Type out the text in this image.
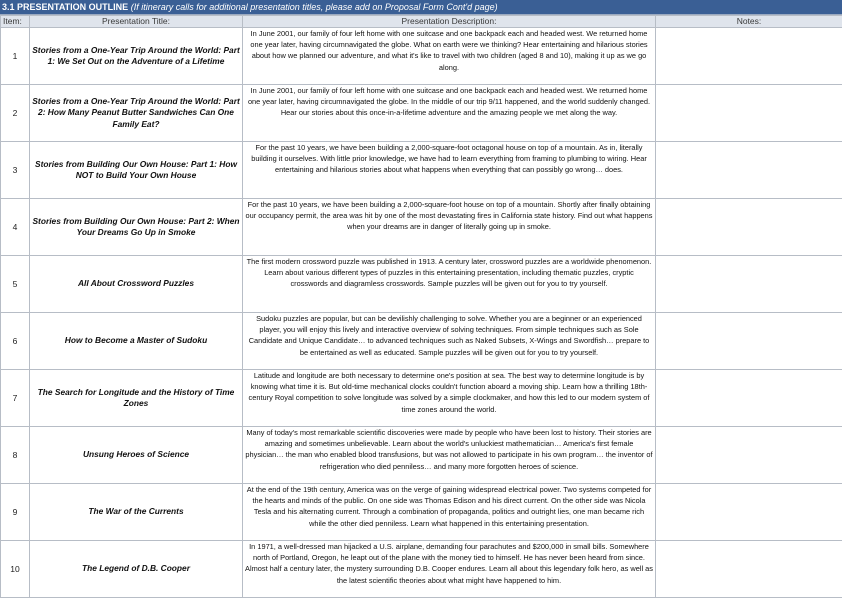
3.1 PRESENTATION OUTLINE (If itinerary calls for additional presentation titles, please add on Proposal Form Cont'd page)
Item:	Presentation Title:	Presentation Description:	Notes:
1	Stories from a One-Year Trip Around the World: Part 1: We Set Out on the Adventure of a Lifetime	In June 2001, our family of four left home with one suitcase and one backpack each and headed west. We returned home one year later, having circumnavigated the globe. What on earth were we thinking? Hear entertaining and hilarious stories about how we planned our adventure, and what it's like to travel with two children (aged 8 and 10), making it up as we go along.	

2	Stories from a One-Year Trip Around the World: Part 2: How Many Peanut Butter Sandwiches Can One Family Eat?	In June 2001, our family of four left home with one suitcase and one backpack each and headed west. We returned home one year later, having circumnavigated the globe. In the middle of our trip 9/11 happened, and the world suddenly changed. Hear our stories about this once-in-a-lifetime adventure and the amazing people we met along the way.	

3	Stories from Building Our Own House: Part 1: How NOT to Build Your Own House	For the past 10 years, we have been building a 2,000-square-foot octagonal house on top of a mountain. As in, literally building it ourselves. With little prior knowledge, we have had to learn everything from framing to plumbing to wiring. Hear entertaining and hilarious stories about what happens when everything that can possibly go wrong… does.	

4	Stories from Building Our Own House: Part 2: When Your Dreams Go Up in Smoke	For the past 10 years, we have been building a 2,000-square-foot house on top of a mountain. Shortly after finally obtaining our occupancy permit, the area was hit by one of the most devastating fires in California state history. Find out what happens when your dreams are in danger of literally going up in smoke.	

5	All About Crossword Puzzles	The first modern crossword puzzle was published in 1913. A century later, crossword puzzles are a worldwide phenomenon. Learn about various different types of puzzles in this entertaining presentation, including thematic puzzles, cryptic crosswords and diagramless crosswords. Sample puzzles will be given out for you to try yourself.	

6	How to Become a Master of Sudoku	Sudoku puzzles are popular, but can be devilishly challenging to solve. Whether you are a beginner or an experienced player, you will enjoy this lively and interactive overview of solving techniques. From simple techniques such as Sole Candidate and Unique Candidate… to advanced techniques such as Naked Subsets, X-Wings and Swordfish… prepare to be entertained as well as educated. Sample puzzles will be given out for you to try yourself.	

7	The Search for Longitude and the History of Time Zones	Latitude and longitude are both necessary to determine one's position at sea. The best way to determine longitude is by knowing what time it is. But old-time mechanical clocks couldn't function aboard a moving ship. Learn how a thrilling 18th-century Royal competition to solve longitude was solved by a simple clockmaker, and how this led to our modern system of time zones around the world.	

8	Unsung Heroes of Science	Many of today's most remarkable scientific discoveries were made by people who have been lost to history. Their stories are amazing and sometimes unbelievable. Learn about the world's unluckiest mathematician… America's first female physician… the man who enabled blood transfusions, but was not allowed to participate in his own program… the inventor of refrigeration who died penniless… and many more forgotten heroes of science.	

9	The War of the Currents	At the end of the 19th century, America was on the verge of gaining widespread electrical power. Two systems competed for the hearts and minds of the public. On one side was Thomas Edison and his direct current. On the other side was Nicola Tesla and his alternating current. Through a combination of propaganda, politics and outright lies, one man became rich while the other died penniless. Learn what happened in this entertaining presentation.	

10	The Legend of D.B. Cooper	In 1971, a well-dressed man hijacked a U.S. airplane, demanding four parachutes and $200,000 in small bills. Somewhere north of Portland, Oregon, he leapt out of the plane with the money tied to himself. He has never been heard from since. Almost half a century later, the mystery surrounding D.B. Cooper endures. Learn all about this legendary folk hero, as well as the latest scientific theories about what might have happened to him.	
